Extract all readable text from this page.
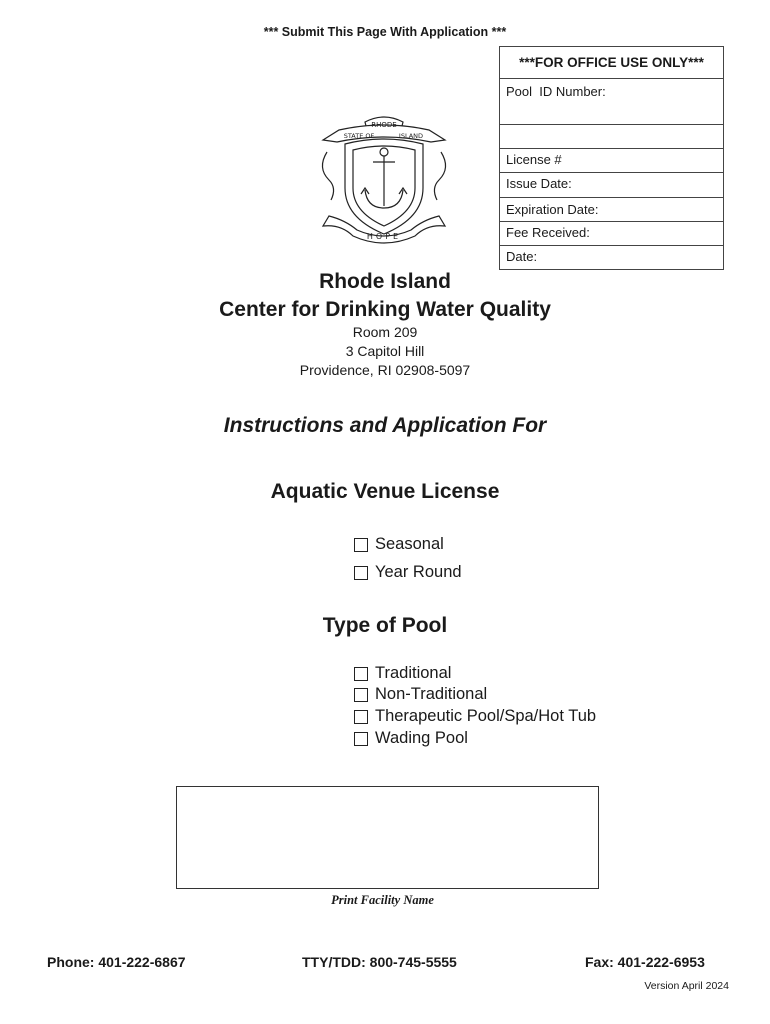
*** Submit This Page With Application ***
***FOR OFFICE USE ONLY***
Pool ID Number:
License #
Issue Date:
Expiration Date:
Fee Received:
Date:
RHODE
STATE OF	ISLAND
HOPE
Rhode Island
Center for Drinking Water Quality
Room 209
3 Capitol Hill
Providence, RI 02908-5097
Instructions and Application For
Aquatic Venue License
Seasonal
Year Round
Type of Pool
Traditional
Non-Traditional
Therapeutic Pool/Spa/Hot Tub
Wading Pool
Print Facility Name
Phone: 401-222-6867	TTY/TDD: 800-745-5555	Fax: 401-222-6953
Version April 2024
